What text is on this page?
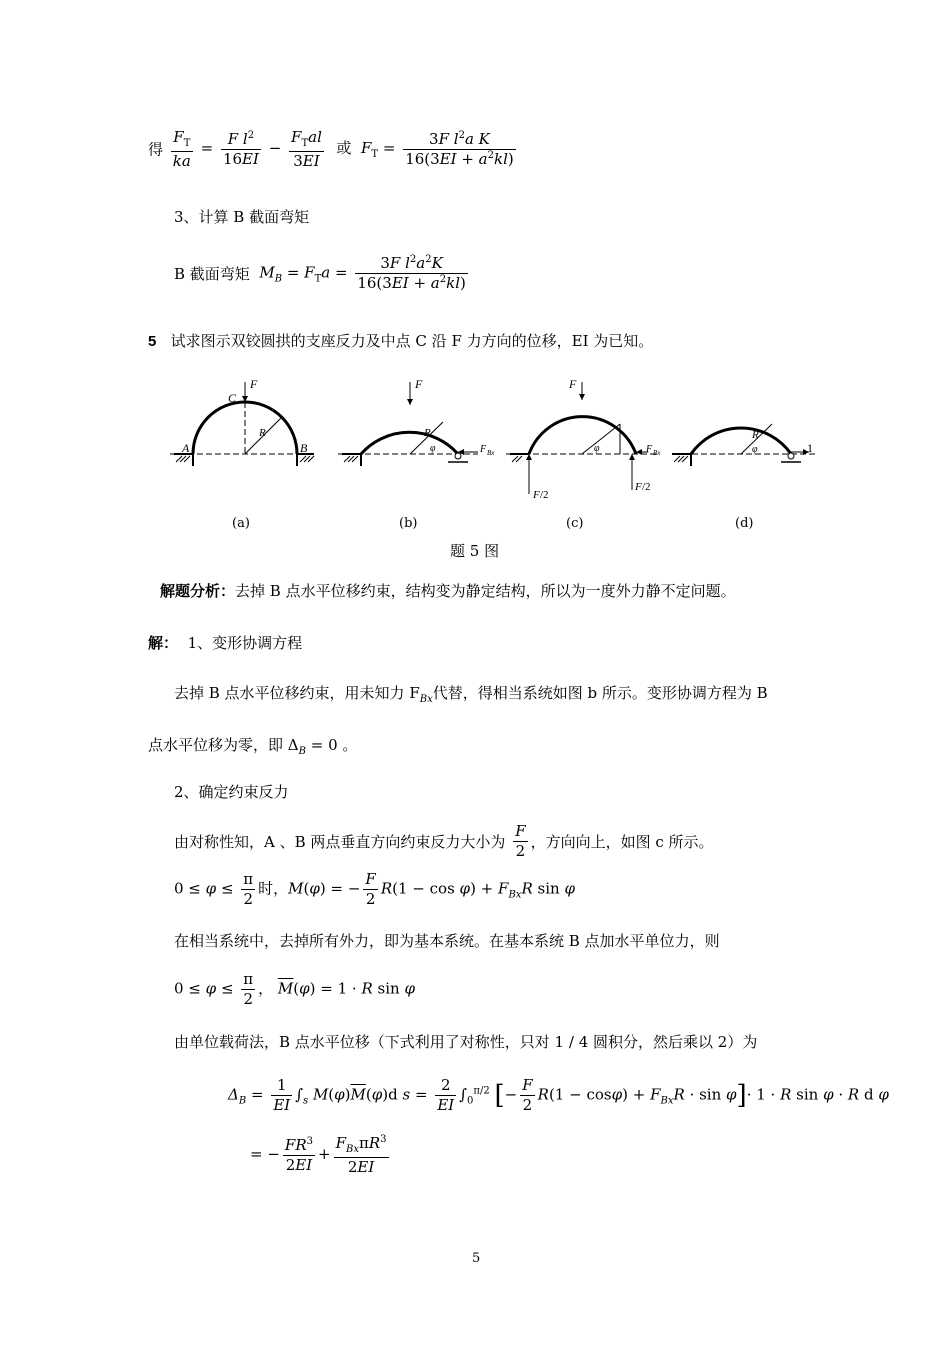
得 $\frac{F_T}{ka} = \frac{F l^2}{16EI} - \frac{F_Tal}{3EI}$ 或 $F_T = \frac{3F l^2a K}{16(3EI + a^2kl)}$
3、计算 B 截面弯矩
B 截面弯矩 $M_B = F_Ta = \frac{3F l^2a^2K}{16(3EI + a^2kl)}$
5 试求图示双铰圆拱的支座反力及中点 C 沿 F 力方向的位移，EI 为已知。
F
C
R
A	B
F
R
φ	F Bx
F
φ	F Bx
F /2
F /2
R
φ	1
(a)	(b)	(c)	(d)
题 5 图
解题分析：去掉 B 点水平位移约束，结构变为静定结构，所以为一度外力静不定问题。
解： 1、变形协调方程
去掉 B 点水平位移约束，用未知力 $F_{Bx}$代替，得相当系统如图 b 所示。变形协调方程为 B
点水平位移为零，即 $\Delta_B = 0$ 。
2、确定约束反力
由对称性知，A 、B 两点垂直方向约束反力大小为 $\frac{F}{2}$ ，方向向上，如图 c 所示。
$0 \le \varphi \le \frac{\pi}{2}$ 时，M(φ) = − $\frac{F}{2} R(1 - \cos \varphi) + F_{Bx}R$ sin φ
在相当系统中，去掉所有外力，即为基本系统。在基本系统 B 点加水平单位力，则
$0 \le \varphi \le \frac{\pi}{2}$ ， $\overline{M}(\varphi) = 1 \cdot R$ sin φ
由单位载荷法，B 点水平位移（下式利用了对称性，只对 1 / 4 圆积分，然后乘以 2）为
$\Delta_B = \frac{1}{EI} \int_s$ $M(\varphi)\overline{M}(\varphi)d$ $s = \frac{2}{EI} \int_0^{\pi/2}$ [− $\frac{F}{2} R(1 - \cos\varphi) + F_{Bx}R \cdot \sin \varphi]\cdot 1 \cdot R$ sin φ · R d φ
= − $\frac{FR^3}{2EI} + \frac{F_{Bx}\pi R^3}{2EI}$
5
